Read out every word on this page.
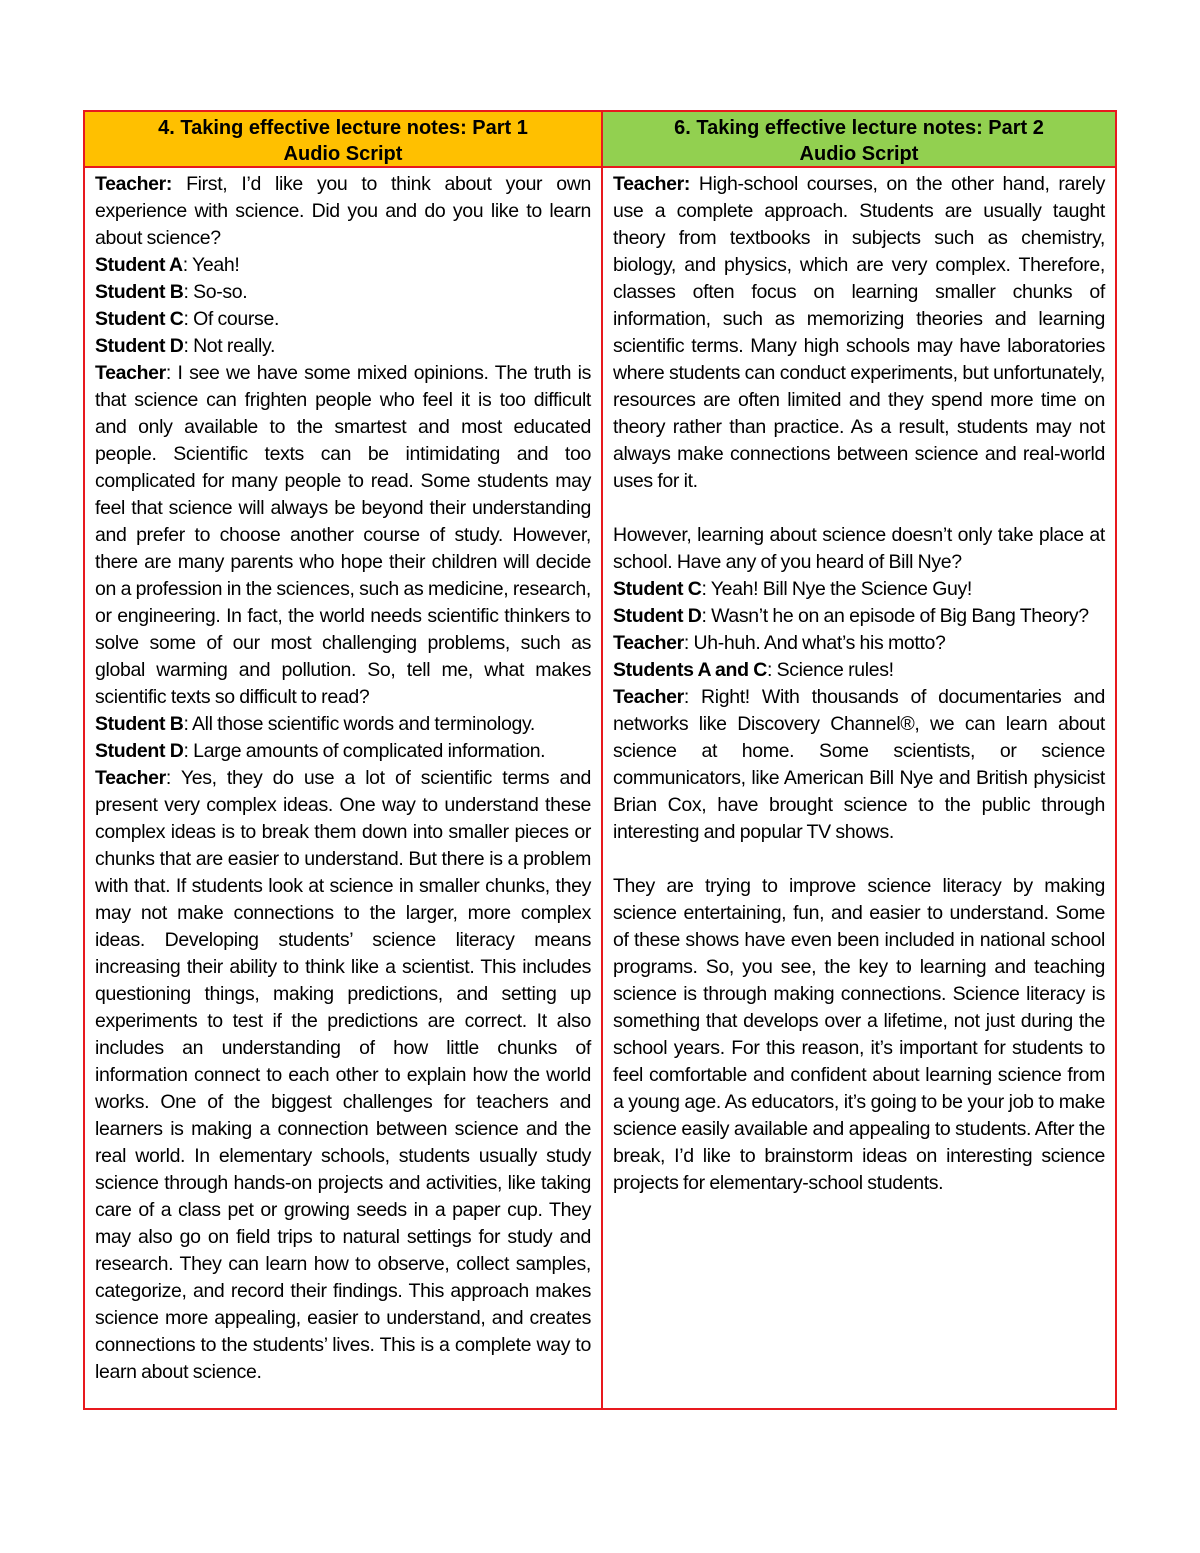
4. Taking effective lecture notes: Part 1
Audio Script

Teacher: First, I’d like you to think about your own experience with science. Did you and do you like to learn about science?

Student A: Yeah!

Student B: So-so.

Student C: Of course.

Student D: Not really.

Teacher: I see we have some mixed opinions. The truth is that science can frighten people who feel it is too difficult and only available to the smartest and most educated people. Scientific texts can be intimidating and too complicated for many people to read. Some students may feel that science will always be beyond their understanding and prefer to choose another course of study. However, there are many parents who hope their children will decide on a profession in the sciences, such as medicine, research, or engineering. In fact, the world needs scientific thinkers to solve some of our most challenging problems, such as global warming and pollution. So, tell me, what makes scientific texts so difficult to read?

Student B: All those scientific words and terminology.

Student D: Large amounts of complicated information.

Teacher: Yes, they do use a lot of scientific terms and present very complex ideas. One way to understand these complex ideas is to break them down into smaller pieces or chunks that are easier to understand. But there is a problem with that. If students look at science in smaller chunks, they may not make connections to the larger, more complex ideas. Developing students’ science literacy means increasing their ability to think like a scientist. This includes questioning things, making predictions, and setting up experiments to test if the predictions are correct. It also includes an understanding of how little chunks of information connect to each other to explain how the world works. One of the biggest challenges for teachers and learners is making a connection between science and the real world. In elementary schools, students usually study science through hands-on projects and activities, like taking care of a class pet or growing seeds in a paper cup. They may also go on field trips to natural settings for study and research. They can learn how to observe, collect samples, categorize, and record their findings. This approach makes science more appealing, easier to understand, and creates connections to the students’ lives. This is a complete way to learn about science.

6. Taking effective lecture notes: Part 2
Audio Script

Teacher: High-school courses, on the other hand, rarely use a complete approach. Students are usually taught theory from textbooks in subjects such as chemistry, biology, and physics, which are very complex. Therefore, classes often focus on learning smaller chunks of information, such as memorizing theories and learning scientific terms. Many high schools may have laboratories where students can conduct experiments, but unfortunately, resources are often limited and they spend more time on theory rather than practice. As a result, students may not always make connections between science and real-world uses for it.

However, learning about science doesn’t only take place at school. Have any of you heard of Bill Nye?

Student C: Yeah! Bill Nye the Science Guy!

Student D: Wasn’t he on an episode of Big Bang Theory?

Teacher: Uh-huh. And what’s his motto?

Students A and C: Science rules!

Teacher: Right! With thousands of documentaries and networks like Discovery Channel®, we can learn about science at home. Some scientists, or science communicators, like American Bill Nye and British physicist Brian Cox, have brought science to the public through interesting and popular TV shows.

They are trying to improve science literacy by making science entertaining, fun, and easier to understand. Some of these shows have even been included in national school programs. So, you see, the key to learning and teaching science is through making connections. Science literacy is something that develops over a lifetime, not just during the school years. For this reason, it’s important for students to feel comfortable and confident about learning science from a young age. As educators, it’s going to be your job to make science easily available and appealing to students. After the break, I’d like to brainstorm ideas on interesting science projects for elementary-school students.
